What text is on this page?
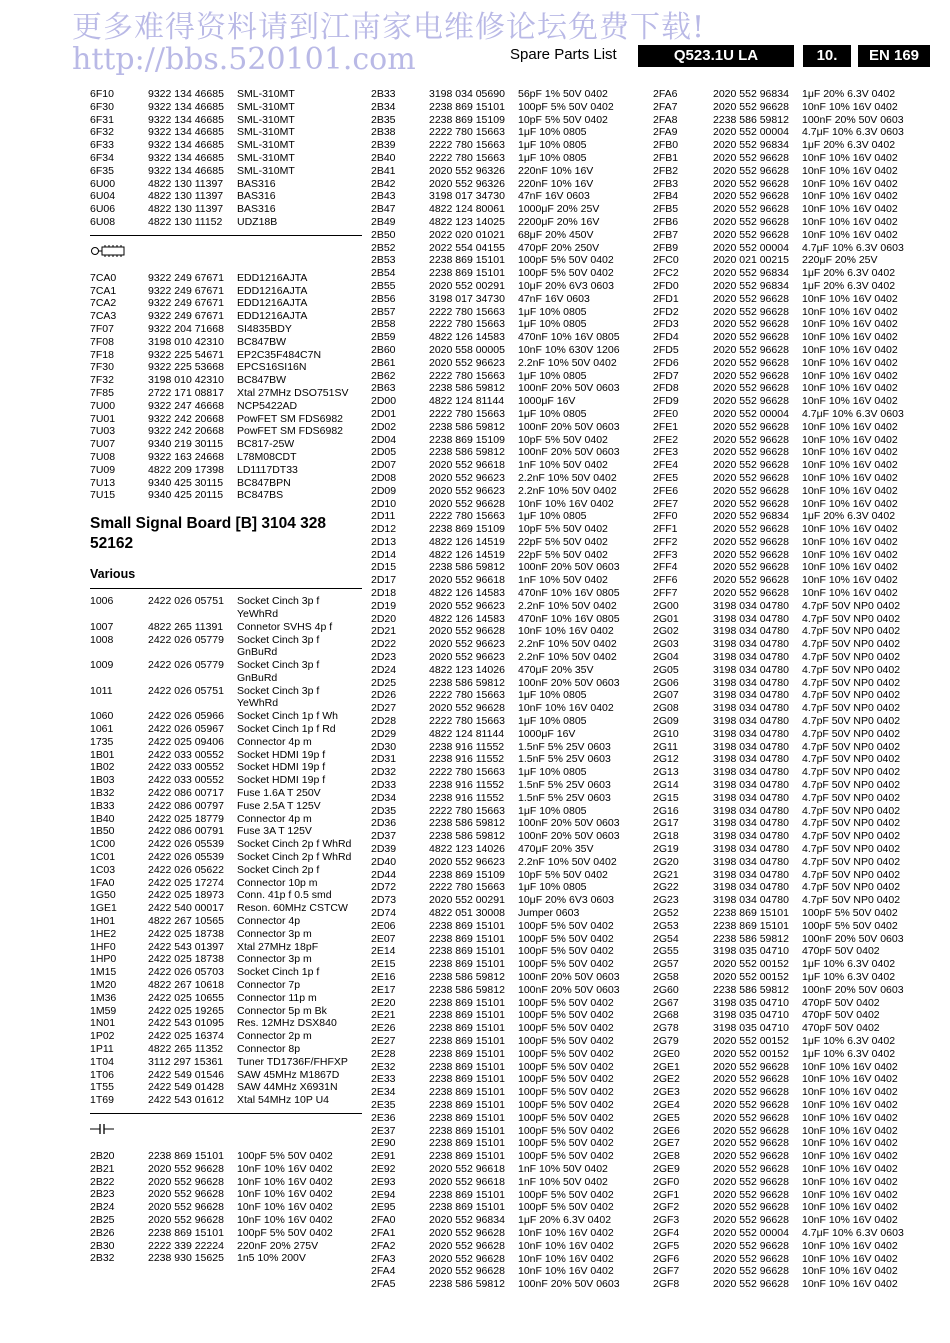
更多难得资料请到江南家电维修论坛免费下载!
http://bbs.520101.com	Spare Parts List	Q523.1U LA	10.	EN 169
6F10	9322 134 46685	SML-310MT
6F30	9322 134 46685	SML-310MT
6F31	9322 134 46685	SML-310MT
6F32	9322 134 46685	SML-310MT
6F33	9322 134 46685	SML-310MT
6F34	9322 134 46685	SML-310MT
6F35	9322 134 46685	SML-310MT
6U00	4822 130 11397	BAS316
6U04	4822 130 11397	BAS316
6U06	4822 130 11397	BAS316
6U08	4822 130 11152	UDZ18B
7CA0	9322 249 67671	EDD1216AJTA
7CA1	9322 249 67671	EDD1216AJTA
7CA2	9322 249 67671	EDD1216AJTA
7CA3	9322 249 67671	EDD1216AJTA
7F07	9322 204 71668	SI4835BDY
7F08	3198 010 42310	BC847BW
7F18	9322 225 54671	EP2C35F484C7N
7F30	9322 225 53668	EPCS16SI16N
7F32	3198 010 42310	BC847BW
7F85	2722 171 08817	Xtal 27MHz DSO751SV
7U00	9322 247 46668	NCP5422AD
7U01	9322 242 20668	PowFET SM FDS6982
7U03	9322 242 20668	PowFET SM FDS6982
7U07	9340 219 30115	BC817-25W
7U08	9322 163 24668	L78M08CDT
7U09	4822 209 17398	LD1117DT33
7U13	9340 425 30115	BC847BPN
7U15	9340 425 20115	BC847BS
Small Signal Board [B] 3104 328 52162
Various
1006	2422 026 05751	Socket Cinch 3p f YeWhRd
1007	4822 265 11391	Connetor SVHS 4p f
1008	2422 026 05779	Socket Cinch 3p f GnBuRd
1009	2422 026 05779	Socket Cinch 3p f GnBuRd
1011	2422 026 05751	Socket Cinch 3p f YeWhRd
1060	2422 026 05966	Socket Cinch 1p f Wh
1061	2422 026 05967	Socket Cinch 1p f Rd
1735	2422 025 09406	Connector 4p m
1B01	2422 033 00552	Socket HDMI 19p f
1B02	2422 033 00552	Socket HDMI 19p f
1B03	2422 033 00552	Socket HDMI 19p f
1B32	2422 086 00717	Fuse 1.6A T 250V
1B33	2422 086 00797	Fuse 2.5A T 125V
1B40	2422 025 18779	Connector 4p m
1B50	2422 086 00791	Fuse 3A T 125V
1C00	2422 026 05539	Socket Cinch 2p f WhRd
1C01	2422 026 05539	Socket Cinch 2p f WhRd
1C03	2422 026 05622	Socket Cinch 2p f
1FA0	2422 025 17274	Connector 10p m
1G50	2422 025 18973	Conn. 41p f 0.5 smd
1GE1	2422 540 00017	Reson. 60MHz CSTCW
1H01	4822 267 10565	Connector 4p
1HE2	2422 025 18738	Connector 3p m
1HF0	2422 543 01397	Xtal 27MHz 18pF
1HP0	2422 025 18738	Connector 3p m
1M15	2422 026 05703	Socket Cinch 1p f
1M20	4822 267 10618	Connector 7p
1M36	2422 025 10655	Connector 11p m
1M59	2422 025 19265	Connector 5p m Bk
1N01	2422 543 01095	Res. 12MHz DSX840
1P02	2422 025 16374	Connector 2p m
1P11	4822 265 11352	Connector 8p
1T04	3112 297 15361	Tuner TD1736F/FHFXP
1T06	2422 549 01546	SAW 45MHz M1867D
1T55	2422 549 01428	SAW 44MHz X6931N
1T69	2422 543 01612	Xtal 54MHz 10P U4
2B20	2238 869 15101	100pF 5% 50V 0402
2B21	2020 552 96628	10nF 10% 16V 0402
2B22	2020 552 96628	10nF 10% 16V 0402
2B23	2020 552 96628	10nF 10% 16V 0402
2B24	2020 552 96628	10nF 10% 16V 0402
2B25	2020 552 96628	10nF 10% 16V 0402
2B26	2238 869 15101	100pF 5% 50V 0402
2B30	2222 339 22224	220nF 20% 275V
2B32	2238 930 15625	1n5 10% 200V
2B33	3198 034 05690	56pF 1% 50V 0402
2B34	2238 869 15101	100pF 5% 50V 0402
2B35	2238 869 15109	10pF 5% 50V 0402
2B38	2222 780 15663	1μF 10% 0805
2B39	2222 780 15663	1μF 10% 0805
2B40	2222 780 15663	1μF 10% 0805
2B41	2020 552 96326	220nF 10% 16V
2B42	2020 552 96326	220nF 10% 16V
2B43	3198 017 34730	47nF 16V 0603
2B47	4822 124 80061	1000μF 20% 25V
2B49	4822 123 14025	2200μF 20% 16V
2B50	2022 020 01021	68μF 20% 450V
2B52	2022 554 04155	470pF 20% 250V
2B53	2238 869 15101	100pF 5% 50V 0402
2B54	2238 869 15101	100pF 5% 50V 0402
2B55	2020 552 00291	10μF 20% 6V3 0603
2B56	3198 017 34730	47nF 16V 0603
2B57	2222 780 15663	1μF 10% 0805
2B58	2222 780 15663	1μF 10% 0805
2B59	4822 126 14583	470nF 10% 16V 0805
2B60	2020 558 00005	10nF 10% 630V 1206
2B61	2020 552 96623	2.2nF 10% 50V 0402
2B62	2222 780 15663	1μF 10% 0805
2B63	2238 586 59812	100nF 20% 50V 0603
2D00	4822 124 81144	1000μF 16V
2D01	2222 780 15663	1μF 10% 0805
2D02	2238 586 59812	100nF 20% 50V 0603
2D04	2238 869 15109	10pF 5% 50V 0402
2D05	2238 586 59812	100nF 20% 50V 0603
2D07	2020 552 96618	1nF 10% 50V 0402
2D08	2020 552 96623	2.2nF 10% 50V 0402
2D09	2020 552 96623	2.2nF 10% 50V 0402
2D10	2020 552 96628	10nF 10% 16V 0402
2D11	2222 780 15663	1μF 10% 0805
2D12	2238 869 15109	10pF 5% 50V 0402
2D13	4822 126 14519	22pF 5% 50V 0402
2D14	4822 126 14519	22pF 5% 50V 0402
2D15	2238 586 59812	100nF 20% 50V 0603
2D17	2020 552 96618	1nF 10% 50V 0402
2D18	4822 126 14583	470nF 10% 16V 0805
2D19	2020 552 96623	2.2nF 10% 50V 0402
2D20	4822 126 14583	470nF 10% 16V 0805
2D21	2020 552 96628	10nF 10% 16V 0402
2D22	2020 552 96623	2.2nF 10% 50V 0402
2D23	2020 552 96623	2.2nF 10% 50V 0402
2D24	4822 123 14026	470μF 20% 35V
2D25	2238 586 59812	100nF 20% 50V 0603
2D26	2222 780 15663	1μF 10% 0805
2D27	2020 552 96628	10nF 10% 16V 0402
2D28	2222 780 15663	1μF 10% 0805
2D29	4822 124 81144	1000μF 16V
2D30	2238 916 11552	1.5nF 5% 25V 0603
2D31	2238 916 11552	1.5nF 5% 25V 0603
2D32	2222 780 15663	1μF 10% 0805
2D33	2238 916 11552	1.5nF 5% 25V 0603
2D34	2238 916 11552	1.5nF 5% 25V 0603
2D35	2222 780 15663	1μF 10% 0805
2D36	2238 586 59812	100nF 20% 50V 0603
2D37	2238 586 59812	100nF 20% 50V 0603
2D39	4822 123 14026	470μF 20% 35V
2D40	2020 552 96623	2.2nF 10% 50V 0402
2D44	2238 869 15109	10pF 5% 50V 0402
2D72	2222 780 15663	1μF 10% 0805
2D73	2020 552 00291	10μF 20% 6V3 0603
2D74	4822 051 30008	Jumper 0603
2E06	2238 869 15101	100pF 5% 50V 0402
2E07	2238 869 15101	100pF 5% 50V 0402
2E14	2238 869 15101	100pF 5% 50V 0402
2E15	2238 869 15101	100pF 5% 50V 0402
2E16	2238 586 59812	100nF 20% 50V 0603
2E17	2238 586 59812	100nF 20% 50V 0603
2E20	2238 869 15101	100pF 5% 50V 0402
2E21	2238 869 15101	100pF 5% 50V 0402
2E26	2238 869 15101	100pF 5% 50V 0402
2E27	2238 869 15101	100pF 5% 50V 0402
2E28	2238 869 15101	100pF 5% 50V 0402
2E32	2238 869 15101	100pF 5% 50V 0402
2E33	2238 869 15101	100pF 5% 50V 0402
2E34	2238 869 15101	100pF 5% 50V 0402
2E35	2238 869 15101	100pF 5% 50V 0402
2E36	2238 869 15101	100pF 5% 50V 0402
2E37	2238 869 15101	100pF 5% 50V 0402
2E90	2238 869 15101	100pF 5% 50V 0402
2E91	2238 869 15101	100pF 5% 50V 0402
2E92	2020 552 96618	1nF 10% 50V 0402
2E93	2020 552 96618	1nF 10% 50V 0402
2E94	2238 869 15101	100pF 5% 50V 0402
2E95	2238 869 15101	100pF 5% 50V 0402
2FA0	2020 552 96834	1μF 20% 6.3V 0402
2FA1	2020 552 96628	10nF 10% 16V 0402
2FA2	2020 552 96628	10nF 10% 16V 0402
2FA3	2020 552 96628	10nF 10% 16V 0402
2FA4	2020 552 96628	10nF 10% 16V 0402
2FA5	2238 586 59812	100nF 20% 50V 0603
2FA6	2020 552 96834	1μF 20% 6.3V 0402
2FA7	2020 552 96628	10nF 10% 16V 0402
2FA8	2238 586 59812	100nF 20% 50V 0603
2FA9	2020 552 00004	4.7μF 10% 6.3V 0603
2FB0	2020 552 96834	1μF 20% 6.3V 0402
2FB1	2020 552 96628	10nF 10% 16V 0402
2FB2	2020 552 96628	10nF 10% 16V 0402
2FB3	2020 552 96628	10nF 10% 16V 0402
2FB4	2020 552 96628	10nF 10% 16V 0402
2FB5	2020 552 96628	10nF 10% 16V 0402
2FB6	2020 552 96628	10nF 10% 16V 0402
2FB7	2020 552 96628	10nF 10% 16V 0402
2FB9	2020 552 00004	4.7μF 10% 6.3V 0603
2FC0	2020 021 00215	220μF 20% 25V
2FC2	2020 552 96834	1μF 20% 6.3V 0402
2FD0	2020 552 96834	1μF 20% 6.3V 0402
2FD1	2020 552 96628	10nF 10% 16V 0402
2FD2	2020 552 96628	10nF 10% 16V 0402
2FD3	2020 552 96628	10nF 10% 16V 0402
2FD4	2020 552 96628	10nF 10% 16V 0402
2FD5	2020 552 96628	10nF 10% 16V 0402
2FD6	2020 552 96628	10nF 10% 16V 0402
2FD7	2020 552 96628	10nF 10% 16V 0402
2FD8	2020 552 96628	10nF 10% 16V 0402
2FD9	2020 552 96628	10nF 10% 16V 0402
2FE0	2020 552 00004	4.7μF 10% 6.3V 0603
2FE1	2020 552 96628	10nF 10% 16V 0402
2FE2	2020 552 96628	10nF 10% 16V 0402
2FE3	2020 552 96628	10nF 10% 16V 0402
2FE4	2020 552 96628	10nF 10% 16V 0402
2FE5	2020 552 96628	10nF 10% 16V 0402
2FE6	2020 552 96628	10nF 10% 16V 0402
2FE7	2020 552 96628	10nF 10% 16V 0402
2FF0	2020 552 96834	1μF 20% 6.3V 0402
2FF1	2020 552 96628	10nF 10% 16V 0402
2FF2	2020 552 96628	10nF 10% 16V 0402
2FF3	2020 552 96628	10nF 10% 16V 0402
2FF4	2020 552 96628	10nF 10% 16V 0402
2FF6	2020 552 96628	10nF 10% 16V 0402
2FF7	2020 552 96628	10nF 10% 16V 0402
2G00	3198 034 04780	4.7pF 50V NP0 0402
2G01	3198 034 04780	4.7pF 50V NP0 0402
2G02	3198 034 04780	4.7pF 50V NP0 0402
2G03	3198 034 04780	4.7pF 50V NP0 0402
2G04	3198 034 04780	4.7pF 50V NP0 0402
2G05	3198 034 04780	4.7pF 50V NP0 0402
2G06	3198 034 04780	4.7pF 50V NP0 0402
2G07	3198 034 04780	4.7pF 50V NP0 0402
2G08	3198 034 04780	4.7pF 50V NP0 0402
2G09	3198 034 04780	4.7pF 50V NP0 0402
2G10	3198 034 04780	4.7pF 50V NP0 0402
2G11	3198 034 04780	4.7pF 50V NP0 0402
2G12	3198 034 04780	4.7pF 50V NP0 0402
2G13	3198 034 04780	4.7pF 50V NP0 0402
2G14	3198 034 04780	4.7pF 50V NP0 0402
2G15	3198 034 04780	4.7pF 50V NP0 0402
2G16	3198 034 04780	4.7pF 50V NP0 0402
2G17	3198 034 04780	4.7pF 50V NP0 0402
2G18	3198 034 04780	4.7pF 50V NP0 0402
2G19	3198 034 04780	4.7pF 50V NP0 0402
2G20	3198 034 04780	4.7pF 50V NP0 0402
2G21	3198 034 04780	4.7pF 50V NP0 0402
2G22	3198 034 04780	4.7pF 50V NP0 0402
2G23	3198 034 04780	4.7pF 50V NP0 0402
2G52	2238 869 15101	100pF 5% 50V 0402
2G53	2238 869 15101	100pF 5% 50V 0402
2G54	2238 586 59812	100nF 20% 50V 0603
2G55	3198 035 04710	470pF 50V 0402
2G57	2020 552 00152	1μF 10% 6.3V 0402
2G58	2020 552 00152	1μF 10% 6.3V 0402
2G60	2238 586 59812	100nF 20% 50V 0603
2G67	3198 035 04710	470pF 50V 0402
2G68	3198 035 04710	470pF 50V 0402
2G78	3198 035 04710	470pF 50V 0402
2G79	2020 552 00152	1μF 10% 6.3V 0402
2GE0	2020 552 00152	1μF 10% 6.3V 0402
2GE1	2020 552 96628	10nF 10% 16V 0402
2GE2	2020 552 96628	10nF 10% 16V 0402
2GE3	2020 552 96628	10nF 10% 16V 0402
2GE4	2020 552 96628	10nF 10% 16V 0402
2GE5	2020 552 96628	10nF 10% 16V 0402
2GE6	2020 552 96628	10nF 10% 16V 0402
2GE7	2020 552 96628	10nF 10% 16V 0402
2GE8	2020 552 96628	10nF 10% 16V 0402
2GE9	2020 552 96628	10nF 10% 16V 0402
2GF0	2020 552 96628	10nF 10% 16V 0402
2GF1	2020 552 96628	10nF 10% 16V 0402
2GF2	2020 552 96628	10nF 10% 16V 0402
2GF3	2020 552 96628	10nF 10% 16V 0402
2GF4	2020 552 00004	4.7μF 10% 6.3V 0603
2GF5	2020 552 96628	10nF 10% 16V 0402
2GF6	2020 552 96628	10nF 10% 16V 0402
2GF7	2020 552 96628	10nF 10% 16V 0402
2GF8	2020 552 96628	10nF 10% 16V 0402
